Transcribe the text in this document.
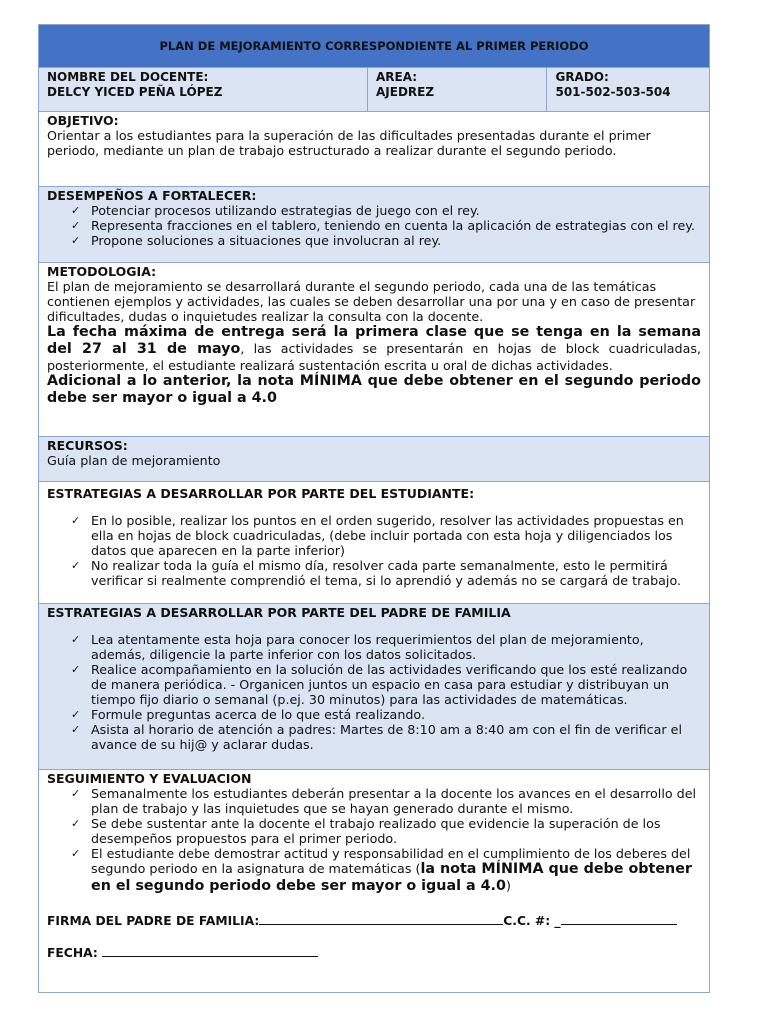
PLAN DE MEJORAMIENTO CORRESPONDIENTE AL PRIMER PERIODO
NOMBRE DEL DOCENTE:
DELCY YICED PEÑA LÓPEZ
AREA:
AJEDREZ
GRADO:
501-502-503-504
OBJETIVO:
Orientar a los estudiantes para la superación de las dificultades presentadas durante el primer periodo, mediante un plan de trabajo estructurado a realizar durante el segundo periodo.
DESEMPEÑOS A FORTALECER:
✓ Potenciar procesos utilizando estrategias de juego con el rey.
✓ Representa fracciones en el tablero, teniendo en cuenta la aplicación de estrategias con el rey.
✓ Propone soluciones a situaciones que involucran al rey.
METODOLOGIA:
El plan de mejoramiento se desarrollará durante el segundo periodo, cada una de las temáticas contienen ejemplos y actividades, las cuales se deben desarrollar una por una y en caso de presentar dificultades, dudas o inquietudes realizar la consulta con la docente.
La fecha máxima de entrega será la primera clase que se tenga en la semana del 27 al 31 de mayo, las actividades se presentarán en hojas de block cuadriculadas, posteriormente, el estudiante realizará sustentación escrita u oral de dichas actividades.
Adicional a lo anterior, la nota MÍNIMA que debe obtener en el segundo periodo debe ser mayor o igual a 4.0
RECURSOS:
Guía plan de mejoramiento
ESTRATEGIAS A DESARROLLAR POR PARTE DEL ESTUDIANTE:
✓ En lo posible, realizar los puntos en el orden sugerido, resolver las actividades propuestas en ella en hojas de block cuadriculadas, (debe incluir portada con esta hoja y diligenciados los datos que aparecen en la parte inferior)
✓ No realizar toda la guía el mismo día, resolver cada parte semanalmente, esto le permitirá verificar si realmente comprendió el tema, si lo aprendió y además no se cargará de trabajo.
ESTRATEGIAS A DESARROLLAR POR PARTE DEL PADRE DE FAMILIA
✓ Lea atentamente esta hoja para conocer los requerimientos del plan de mejoramiento, además, diligencie la parte inferior con los datos solicitados.
✓ Realice acompañamiento en la solución de las actividades verificando que los esté realizando de manera periódica. - Organicen juntos un espacio en casa para estudiar y distribuyan un tiempo fijo diario o semanal (p.ej. 30 minutos) para las actividades de matemáticas.
✓ Formule preguntas acerca de lo que está realizando.
✓ Asista al horario de atención a padres: Martes de 8:10 am a 8:40 am con el fin de verificar el avance de su hij@ y aclarar dudas.
SEGUIMIENTO Y EVALUACION
✓ Semanalmente los estudiantes deberán presentar a la docente los avances en el desarrollo del plan de trabajo y las inquietudes que se hayan generado durante el mismo.
✓ Se debe sustentar ante la docente el trabajo realizado que evidencie la superación de los desempeños propuestos para el primer periodo.
✓ El estudiante debe demostrar actitud y responsabilidad en el cumplimiento de los deberes del segundo periodo en la asignatura de matemáticas (la nota MÍNIMA que debe obtener en el segundo periodo debe ser mayor o igual a 4.0)
FIRMA DEL PADRE DE FAMILIA:	C.C. #: _
FECHA:
